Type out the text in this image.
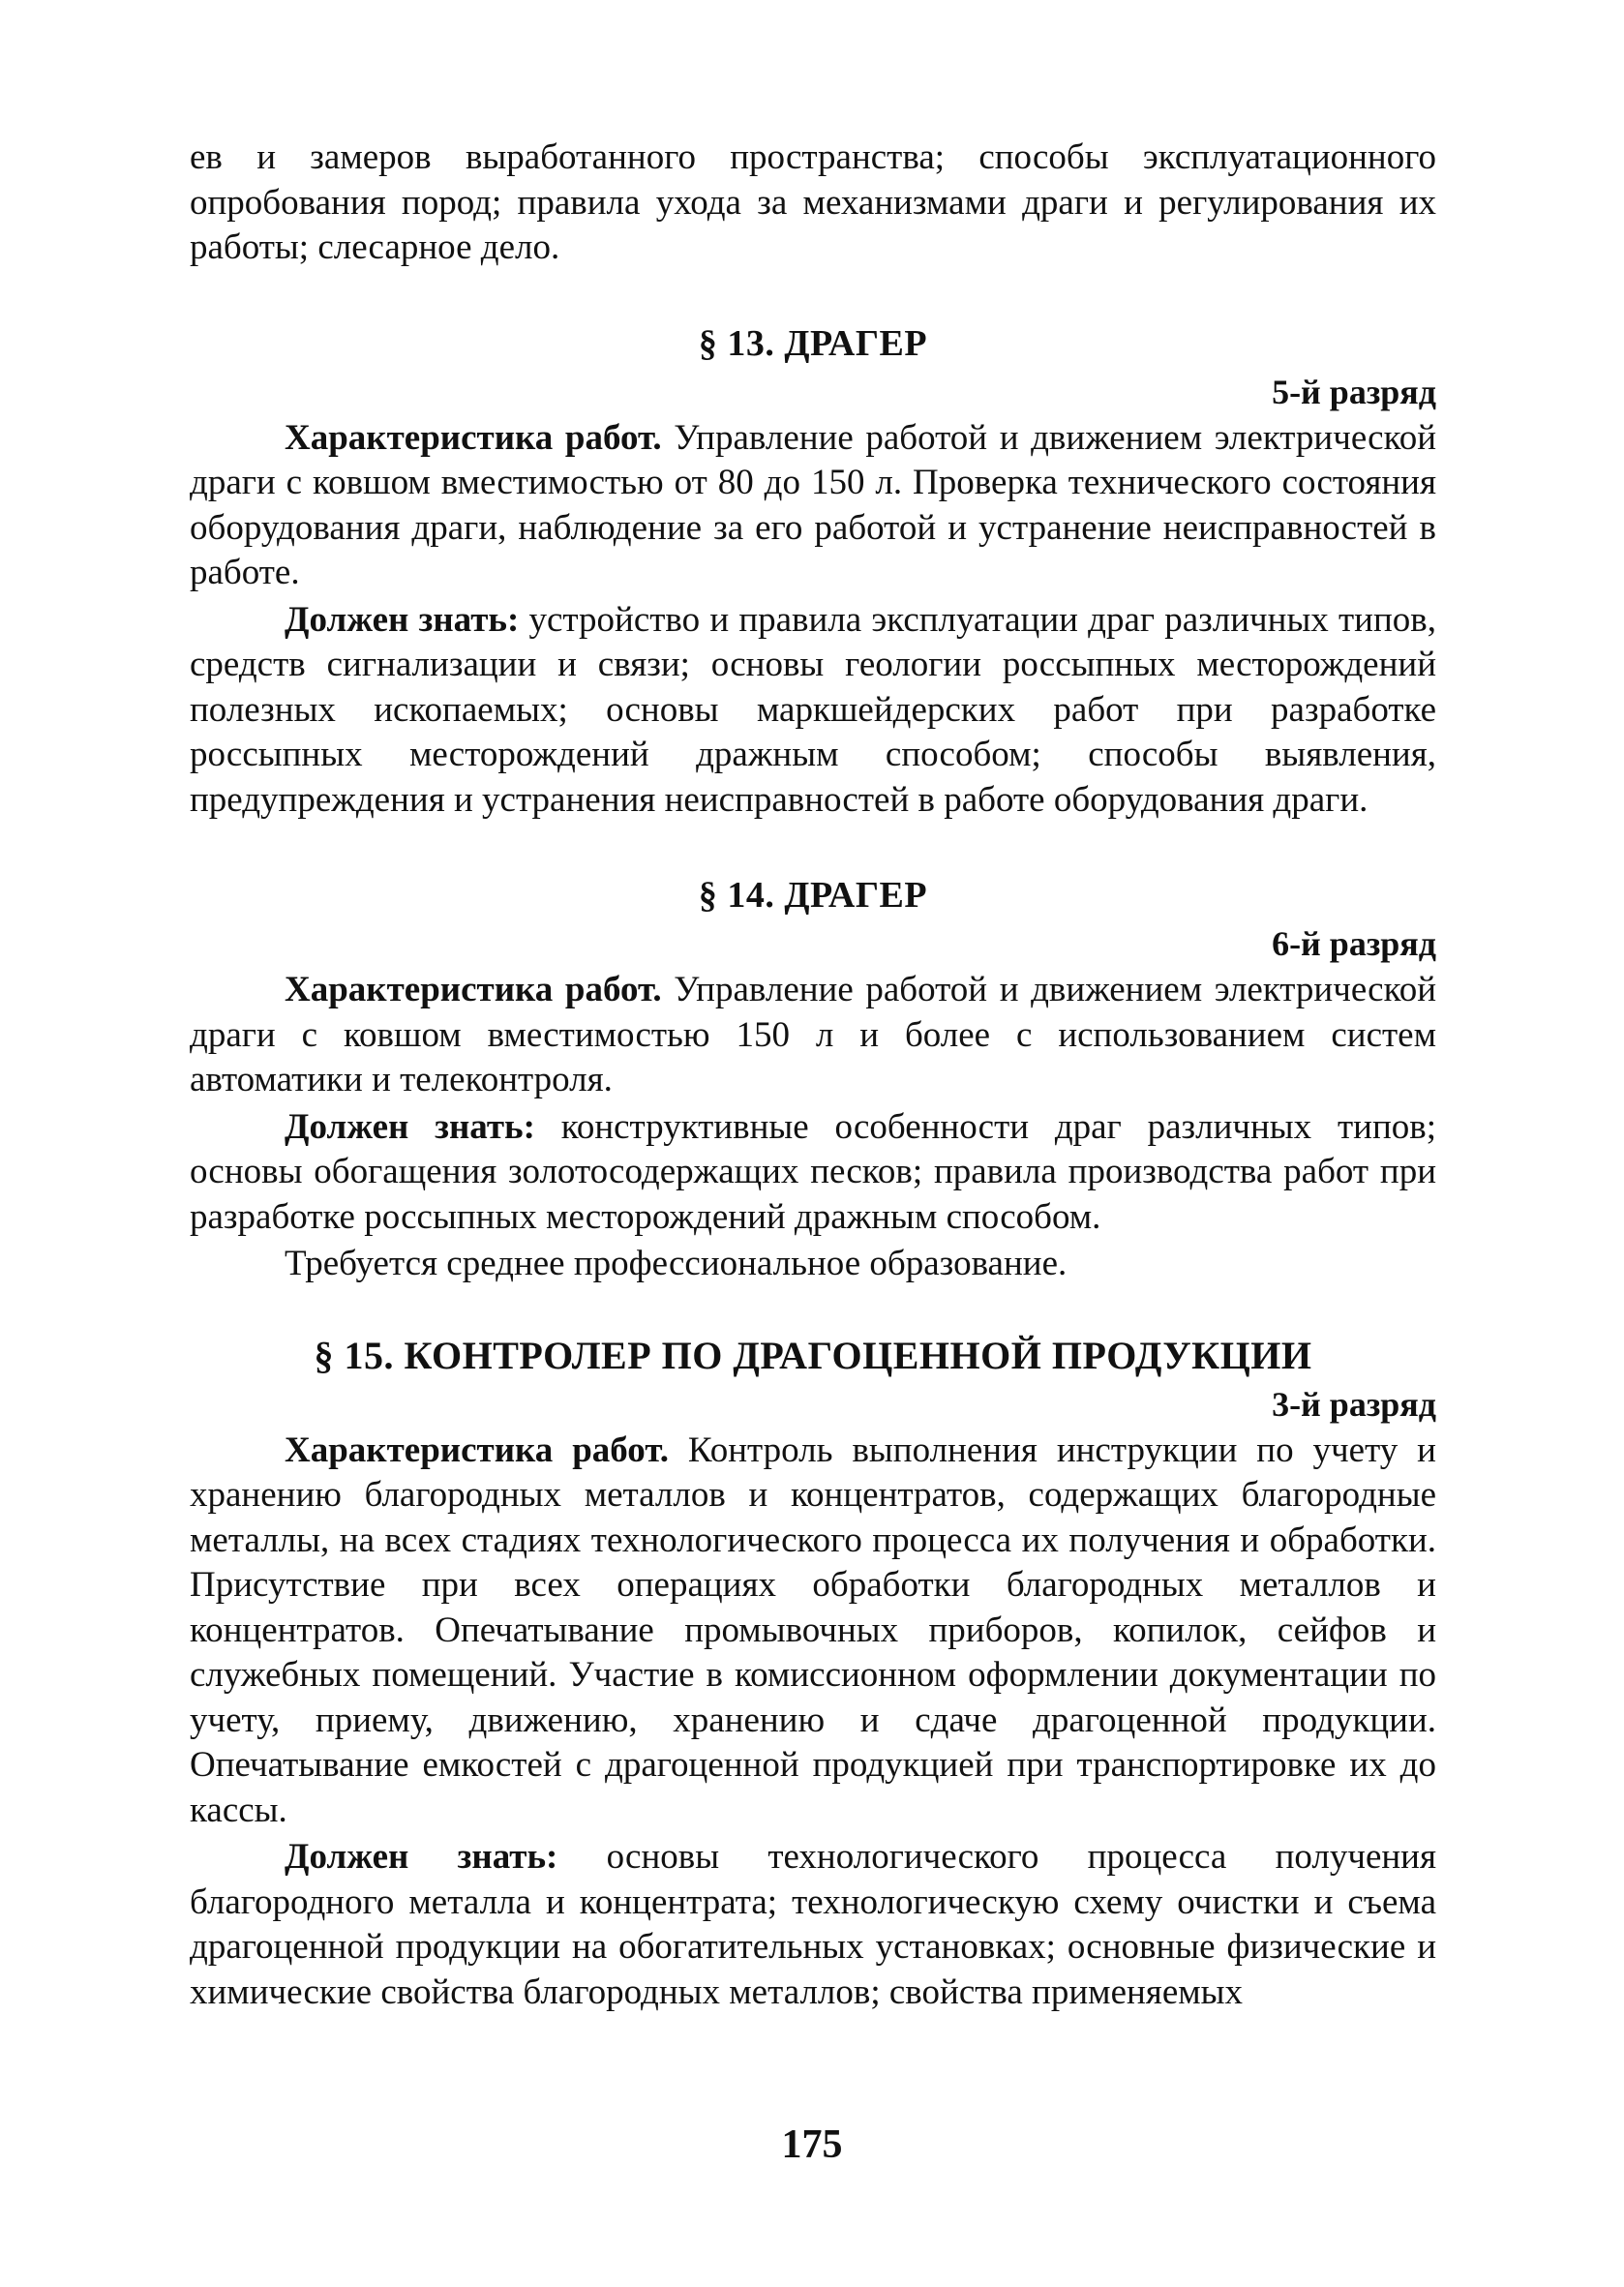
ев и замеров выработанного пространства; способы эксплуатационного опробования пород; правила ухода за механизмами драги и регулирования их работы; слесарное дело.

§ 13. ДРАГЕР

5-й разряд

Характеристика работ. Управление работой и движением электрической драги с ковшом вместимостью от 80 до 150 л. Проверка технического состояния оборудования драги, наблюдение за его работой и устранение неисправностей в работе.

Должен знать: устройство и правила эксплуатации драг различных типов, средств сигнализации и связи; основы геологии россыпных месторождений полезных ископаемых; основы маркшейдерских работ при разработке россыпных месторождений дражным способом; способы выявления, предупреждения и устранения неисправностей в работе оборудования драги.

§ 14. ДРАГЕР

6-й разряд

Характеристика работ. Управление работой и движением электрической драги с ковшом вместимостью 150 л и более с использованием систем автоматики и телеконтроля.

Должен знать: конструктивные особенности драг различных типов; основы обогащения золотосодержащих песков; правила производства работ при разработке россыпных месторождений дражным способом.

Требуется среднее профессиональное образование.

§ 15. КОНТРОЛЕР ПО ДРАГОЦЕННОЙ ПРОДУКЦИИ

3-й разряд

Характеристика работ. Контроль выполнения инструкции по учету и хранению благородных металлов и концентратов, содержащих благородные металлы, на всех стадиях технологического процесса их получения и обработки. Присутствие при всех операциях обработки благородных металлов и концентратов. Опечатывание промывочных приборов, копилок, сейфов и служебных помещений. Участие в комиссионном оформлении документации по учету, приему, движению, хранению и сдаче драгоценной продукции. Опечатывание емкостей с драгоценной продукцией при транспортировке их до кассы.

Должен знать: основы технологического процесса получения благородного металла и концентрата; технологическую схему очистки и съема драгоценной продукции на обогатительных установках; основные физические и химические свойства благородных металлов; свойства применяемых

175
